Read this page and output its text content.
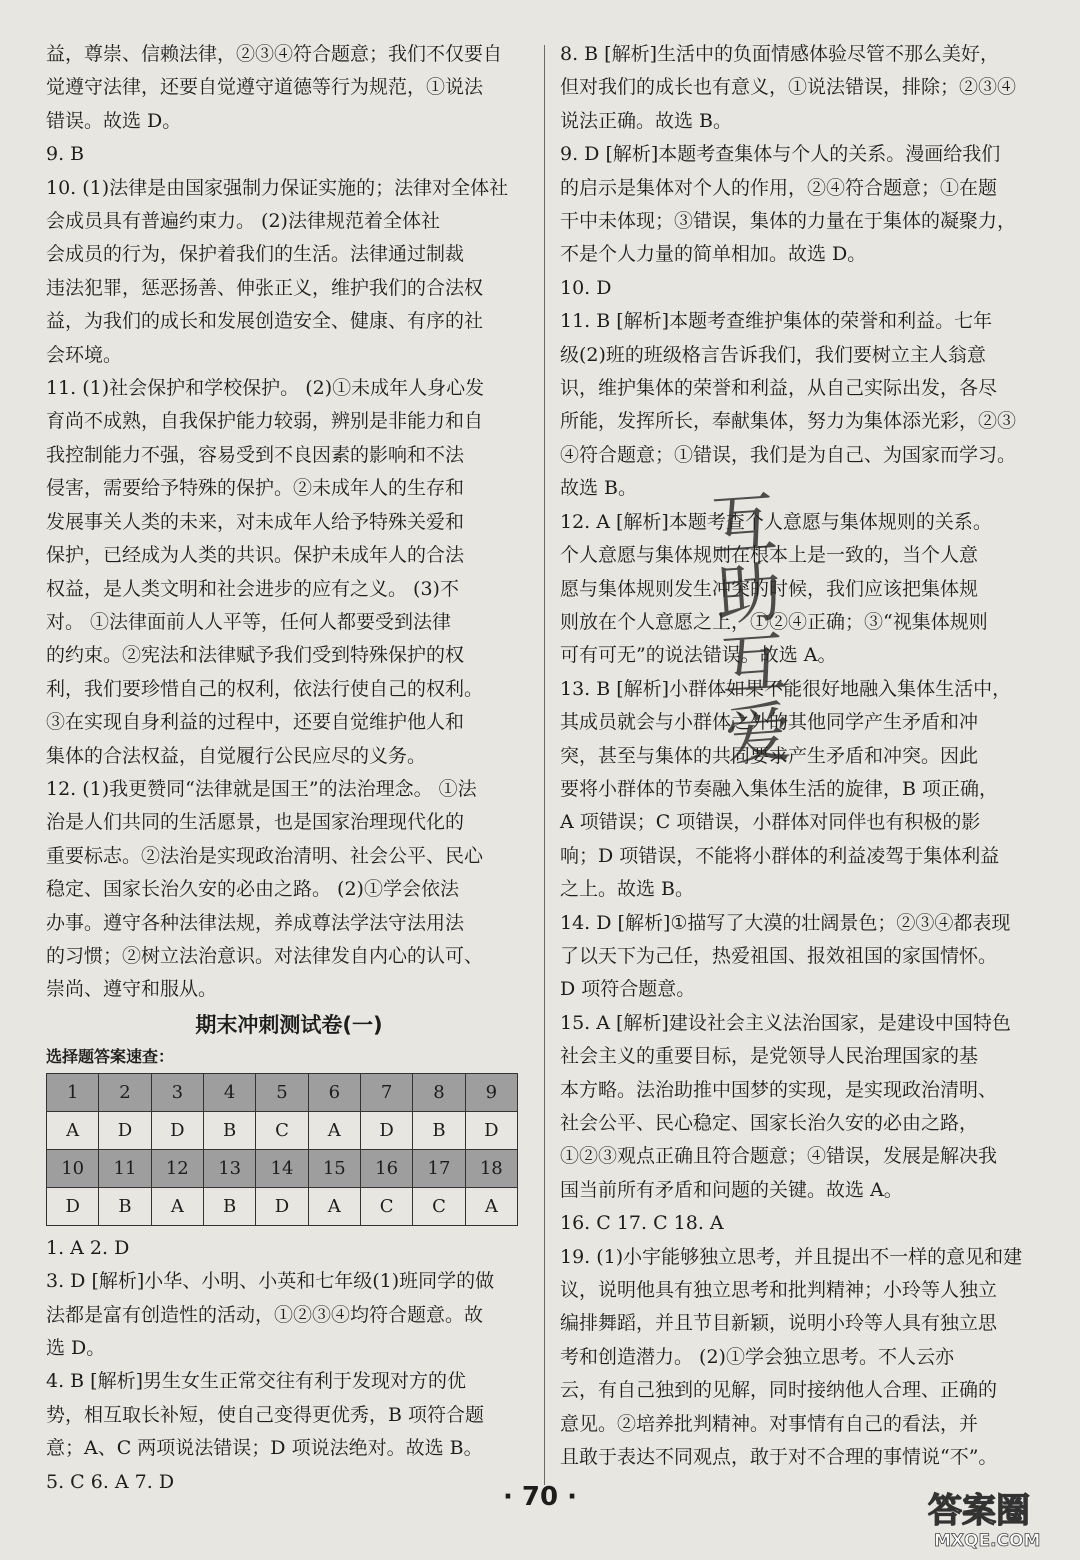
益，尊崇、信赖法律，②③④符合题意；我们不仅要自

觉遵守法律，还要自觉遵守道德等行为规范，①说法

错误。故选 D。

9. B

10. (1)法律是由国家强制力保证实施的；法律对全体社

会成员具有普遍约束力。 (2)法律规范着全体社

会成员的行为，保护着我们的生活。法律通过制裁

违法犯罪，惩恶扬善、伸张正义，维护我们的合法权

益，为我们的成长和发展创造安全、健康、有序的社

会环境。

11. (1)社会保护和学校保护。 (2)①未成年人身心发

育尚不成熟，自我保护能力较弱，辨别是非能力和自

我控制能力不强，容易受到不良因素的影响和不法

侵害，需要给予特殊的保护。②未成年人的生存和

发展事关人类的未来，对未成年人给予特殊关爱和

保护，已经成为人类的共识。保护未成年人的合法

权益，是人类文明和社会进步的应有之义。 (3)不

对。 ①法律面前人人平等，任何人都要受到法律

的约束。②宪法和法律赋予我们受到特殊保护的权

利，我们要珍惜自己的权利，依法行使自己的权利。

③在实现自身利益的过程中，还要自觉维护他人和

集体的合法权益，自觉履行公民应尽的义务。

12. (1)我更赞同“法律就是国王”的法治理念。 ①法

治是人们共同的生活愿景，也是国家治理现代化的

重要标志。②法治是实现政治清明、社会公平、民心

稳定、国家长治久安的必由之路。 (2)①学会依法

办事。遵守各种法律法规，养成尊法学法守法用法

的习惯；②树立法治意识。对法律发自内心的认可、

崇尚、遵守和服从。

期末冲刺测试卷(一)
选择题答案速查：
1	2	3	4	5	6	7	8	9
A	D	D	B	C	A	D	B	D
10	11	12	13	14	15	16	17	18
D	B	A	B	D	A	C	C	A

1. A 2. D

3. D [解析]小华、小明、小英和七年级(1)班同学的做

法都是富有创造性的活动，①②③④均符合题意。故

选 D。

4. B [解析]男生女生正常交往有利于发现对方的优

势，相互取长补短，使自己变得更优秀，B 项符合题

意；A、C 两项说法错误；D 项说法绝对。故选 B。

5. C 6. A 7. D

8. B [解析]生活中的负面情感体验尽管不那么美好，

但对我们的成长也有意义，①说法错误，排除；②③④

说法正确。故选 B。

9. D [解析]本题考查集体与个人的关系。漫画给我们

的启示是集体对个人的作用，②④符合题意；①在题

干中未体现；③错误，集体的力量在于集体的凝聚力，

不是个人力量的简单相加。故选 D。

10. D

11. B [解析]本题考查维护集体的荣誉和利益。七年

级(2)班的班级格言告诉我们，我们要树立主人翁意

识，维护集体的荣誉和利益，从自己实际出发，各尽

所能，发挥所长，奉献集体，努力为集体添光彩，②③

④符合题意；①错误，我们是为自己、为国家而学习。

故选 B。

12. A [解析]本题考查个人意愿与集体规则的关系。

个人意愿与集体规则在根本上是一致的，当个人意

愿与集体规则发生冲突的时候，我们应该把集体规

则放在个人意愿之上，①②④正确；③“视集体规则

可有可无”的说法错误。故选 A。

13. B [解析]小群体如果不能很好地融入集体生活中，

其成员就会与小群体之外的其他同学产生矛盾和冲

突，甚至与集体的共同要求产生矛盾和冲突。因此

要将小群体的节奏融入集体生活的旋律，B 项正确，

A 项错误；C 项错误，小群体对同伴也有积极的影

响；D 项错误，不能将小群体的利益凌驾于集体利益

之上。故选 B。

14. D [解析]①描写了大漠的壮阔景色；②③④都表现

了以天下为己任，热爱祖国、报效祖国的家国情怀。

D 项符合题意。

15. A [解析]建设社会主义法治国家，是建设中国特色

社会主义的重要目标，是党领导人民治理国家的基

本方略。法治助推中国梦的实现，是实现政治清明、

社会公平、民心稳定、国家长治久安的必由之路，

①②③观点正确且符合题意；④错误，发展是解决我

国当前所有矛盾和问题的关键。故选 A。

16. C 17. C 18. A

19. (1)小宇能够独立思考，并且提出不一样的意见和建

议，说明他具有独立思考和批判精神；小玲等人独立

编排舞蹈，并且节目新颖，说明小玲等人具有独立思

考和创造潜力。 (2)①学会独立思考。不人云亦

云，有自己独到的见解，同时接纳他人合理、正确的

意见。②培养批判精神。对事情有自己的看法，并

且敢于表达不同观点，敢于对不合理的事情说“不”。

互
助
互
爱
· 70 ·	答案圈
MXQE.COM
